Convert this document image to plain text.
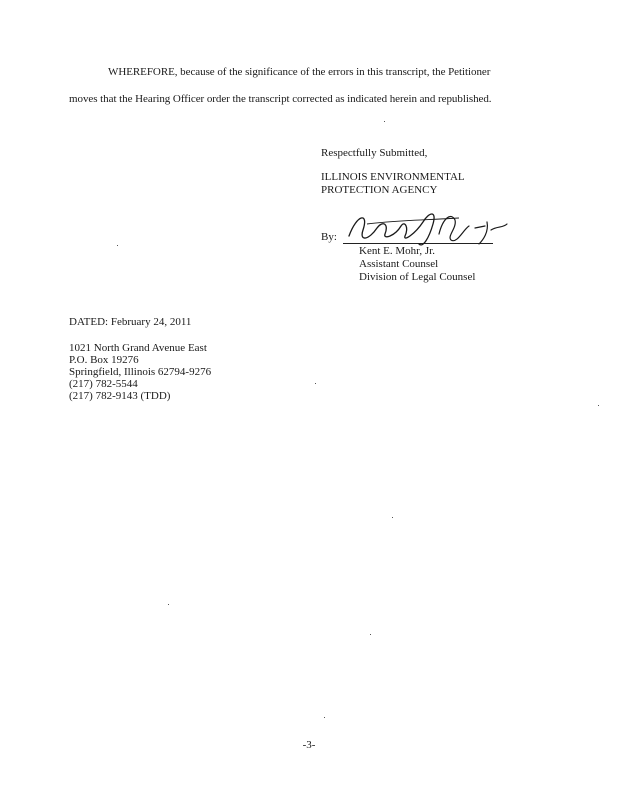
WHEREFORE, because of the significance of the errors in this transcript, the Petitioner
moves that the Hearing Officer order the transcript corrected as indicated herein and republished.
Respectfully Submitted,
ILLINOIS ENVIRONMENTAL
PROTECTION AGENCY
By:
Kent E. Mohr, Jr.
Assistant Counsel
Division of Legal Counsel
DATED: February 24, 2011
1021 North Grand Avenue East
P.O. Box 19276
Springfield, Illinois 62794-9276
(217) 782-5544
(217) 782-9143 (TDD)
-3-
